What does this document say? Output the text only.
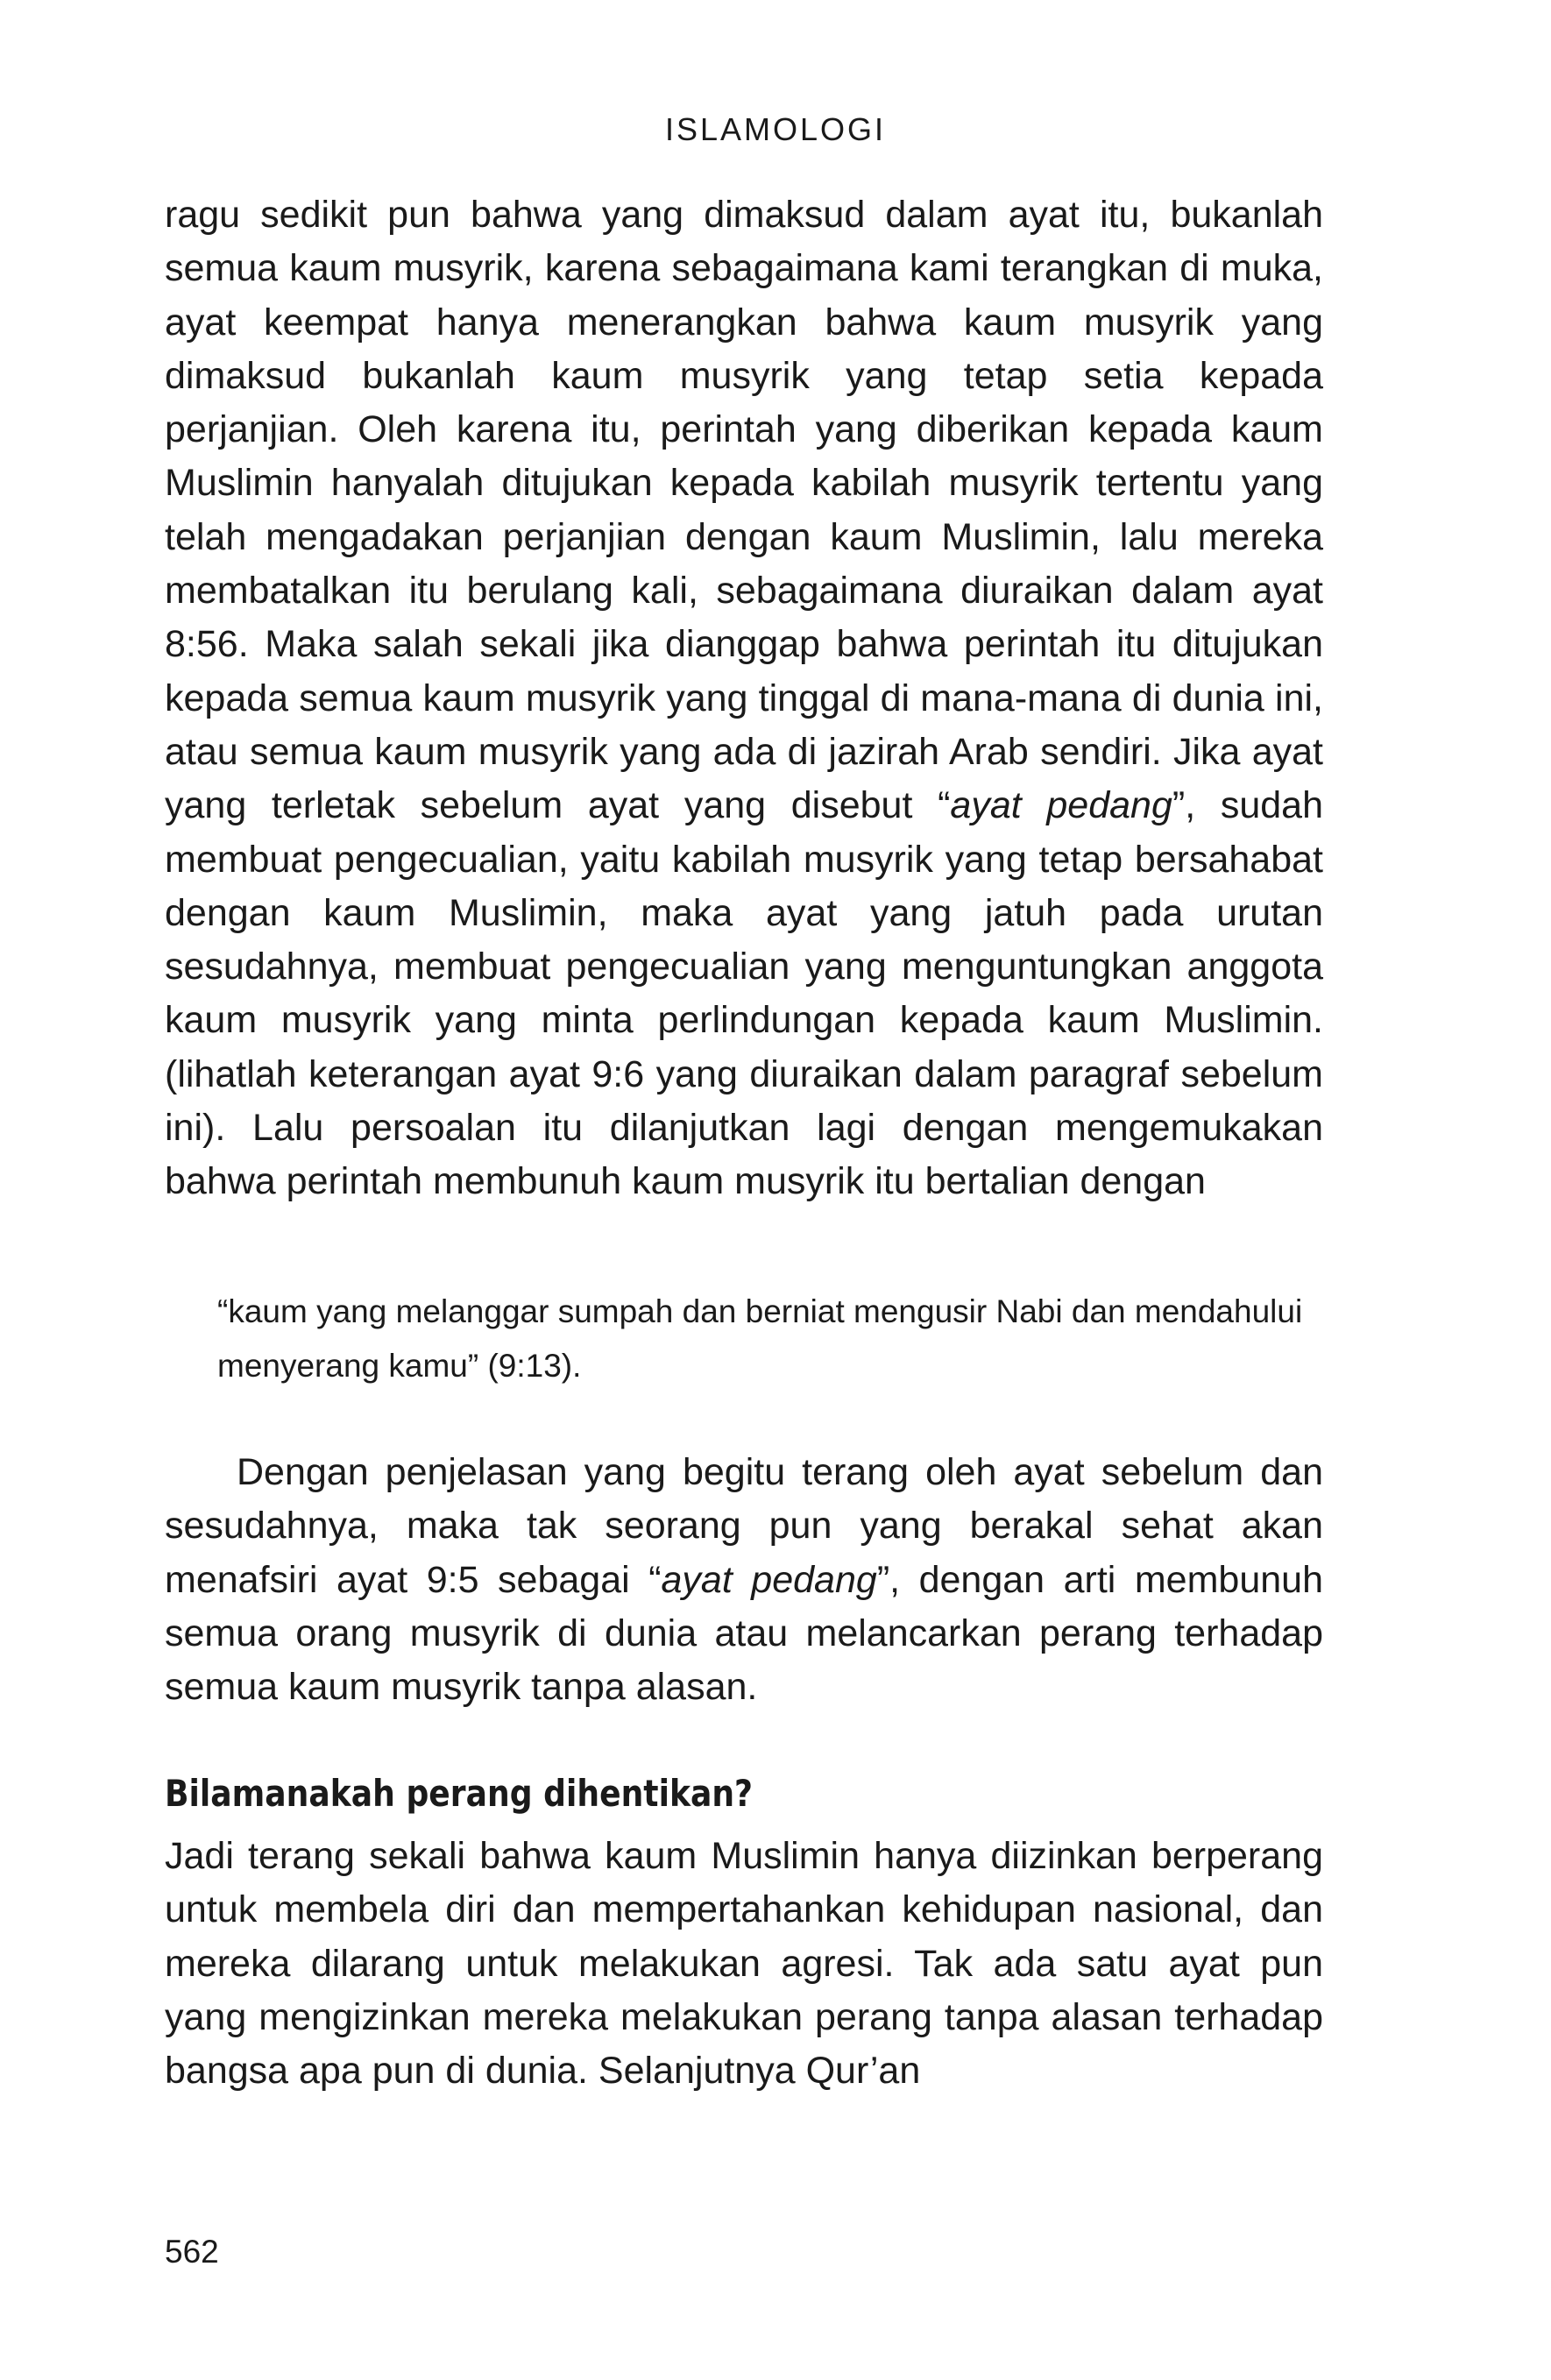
ISLAMOLOGI

ragu sedikit pun bahwa yang dimaksud dalam ayat itu, bukanlah semua kaum musyrik, karena sebagaimana kami terangkan di muka, ayat keempat hanya menerangkan bahwa kaum musyrik yang dimaksud bukanlah kaum musyrik yang tetap setia kepada perjanjian. Oleh karena itu, perintah yang diberikan kepada kaum Muslimin hanyalah ditujukan kepada kabilah musyrik tertentu yang telah mengadakan perjanjian dengan kaum Muslimin, lalu mereka membatalkan itu berulang kali, sebagaimana diuraikan dalam ayat 8:56. Maka salah sekali jika dianggap bahwa perintah itu ditujukan kepada semua kaum musyrik yang tinggal di mana-mana di dunia ini, atau semua kaum musyrik yang ada di jazirah Arab sendiri. Jika ayat yang terletak sebelum ayat yang disebut “ayat pedang”, sudah membuat pengecualian, yaitu kabilah musyrik yang tetap bersahabat dengan kaum Muslimin, maka ayat yang jatuh pada urutan sesudahnya, membuat pengecualian yang menguntungkan anggota kaum musyrik yang minta perlindungan kepada kaum Muslimin. (lihatlah keterangan ayat 9:6 yang diuraikan dalam paragraf sebelum ini). Lalu persoalan itu dilanjutkan lagi dengan mengemukakan bahwa perintah membunuh kaum musyrik itu bertalian dengan

“kaum yang melanggar sumpah dan berniat mengusir Nabi dan mendahului menyerang kamu” (9:13).

Dengan penjelasan yang begitu terang oleh ayat sebelum dan sesudahnya, maka tak seorang pun yang berakal sehat akan menafsiri ayat 9:5 sebagai “ayat pedang”, dengan arti membunuh semua orang musyrik di dunia atau melancarkan perang terhadap semua kaum musyrik tanpa alasan.

Bilamanakah perang dihentikan?

Jadi terang sekali bahwa kaum Muslimin hanya diizinkan berperang untuk membela diri dan mempertahankan kehidupan nasional, dan mereka dilarang untuk melakukan agresi. Tak ada satu ayat pun yang mengizinkan mereka melakukan perang tanpa alasan terhadap bangsa apa pun di dunia. Selanjutnya Qur’an

562
